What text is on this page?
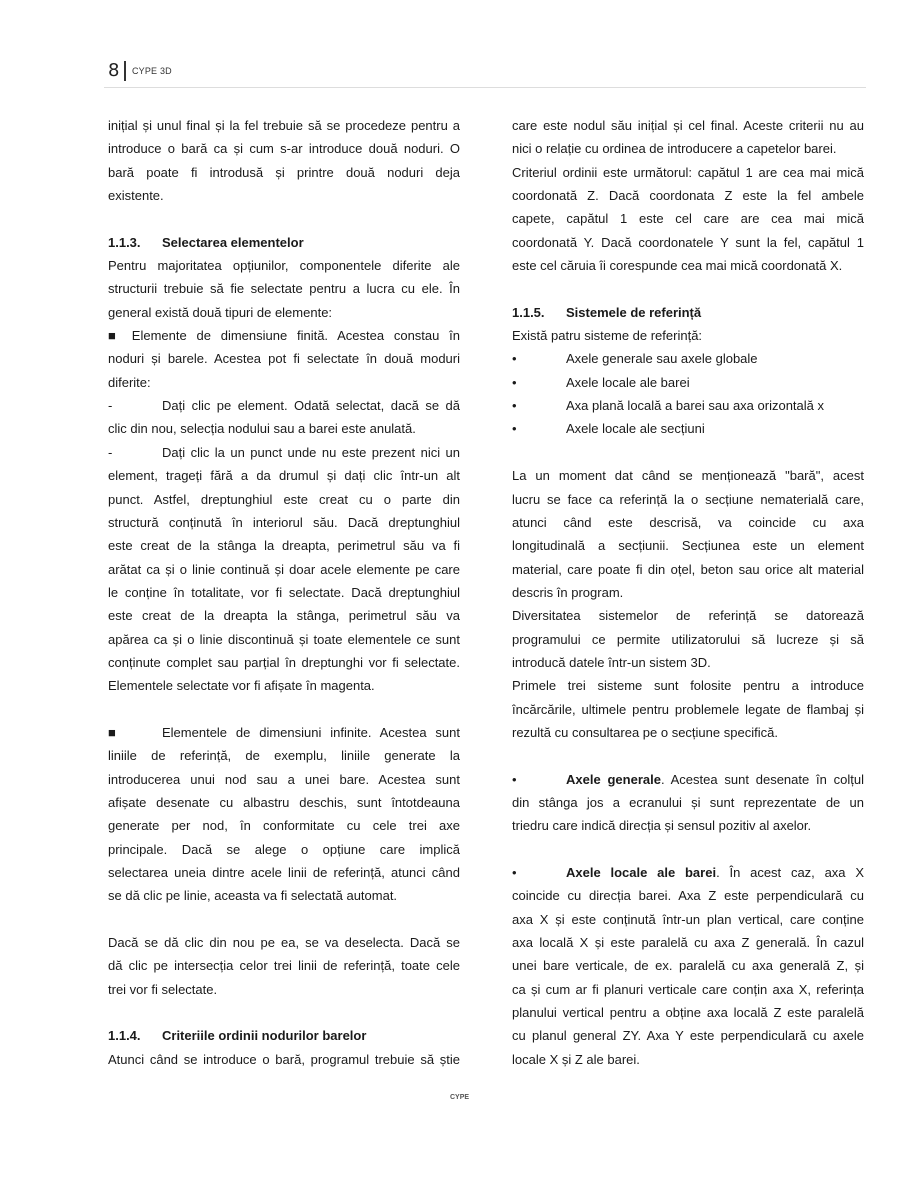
8 CYPE 3D
inițial și unul final și la fel trebuie să se procedeze pentru a
introduce o bară ca și cum s-ar introduce două noduri. O
bară poate fi introdusă și printre două noduri deja
existente.
1.1.3. Selectarea elementelor
Pentru majoritatea opțiunilor, componentele diferite ale
structurii trebuie să fie selectate pentru a lucra cu ele. În
general există două tipuri de elemente:
■ Elemente de dimensiune finită. Acestea constau în
noduri și barele. Acestea pot fi selectate în două moduri
diferite:
-	Dați clic pe element. Odată selectat, dacă se dă
clic din nou, selecția nodului sau a barei este anulată.
-	Dați clic la un punct unde nu este prezent nici un
element, trageți fără a da drumul și dați clic într-un alt
punct. Astfel, dreptunghiul este creat cu o parte din
structură conținută în interiorul său. Dacă dreptunghiul
este creat de la stânga la dreapta, perimetrul său va fi
arătat ca și o linie continuă și doar acele elemente pe care
le conține în totalitate, vor fi selectate. Dacă dreptunghiul
este creat de la dreapta la stânga, perimetrul său va
apărea ca și o linie discontinuă și toate elementele ce sunt
conținute complet sau parțial în dreptunghi vor fi selectate.
Elementele selectate vor fi afișate în magenta.
■	Elementele de dimensiuni infinite. Acestea sunt
liniile de referință, de exemplu, liniile generate la
introducerea unui nod sau a unei bare. Acestea sunt
afișate desenate cu albastru deschis, sunt întotdeauna
generate per nod, în conformitate cu cele trei axe
principale. Dacă se alege o opțiune care implică
selectarea uneia dintre acele linii de referință, atunci când
se dă clic pe linie, aceasta va fi selectată automat.
Dacă se dă clic din nou pe ea, se va deselecta. Dacă se
dă clic pe intersecția celor trei linii de referință, toate cele
trei vor fi selectate.
1.1.4. Criteriile ordinii nodurilor barelor
Atunci când se introduce o bară, programul trebuie să știe
care este nodul său inițial și cel final. Aceste criterii nu au
nici o relație cu ordinea de introducere a capetelor barei.
Criteriul ordinii este următorul: capătul 1 are cea mai mică
coordonată Z. Dacă coordonata Z este la fel ambele
capete, capătul 1 este cel care are cea mai mică
coordonată Y. Dacă coordonatele Y sunt la fel, capătul 1
este cel căruia îi corespunde cea mai mică coordonată X.
1.1.5. Sistemele de referință
Există patru sisteme de referință:
•	Axele generale sau axele globale
•	Axele locale ale barei
•	Axa plană locală a barei sau axa orizontală x
•	Axele locale ale secțiuni
La un moment dat când se menționează "bară", acest
lucru se face ca referință la o secțiune nematerială care,
atunci când este descrisă, va coincide cu axa
longitudinală a secțiunii. Secțiunea este un element
material, care poate fi din oțel, beton sau orice alt material
descris în program.
Diversitatea sistemelor de referință se datorează
programului ce permite utilizatorului să lucreze și să
introducă datele într-un sistem 3D.
Primele trei sisteme sunt folosite pentru a introduce
încărcările, ultimele pentru problemele legate de flambaj și
rezultă cu consultarea pe o secțiune specifică.
•	Axele generale. Acestea sunt desenate în colțul
din stânga jos a ecranului și sunt reprezentate de un
triedru care indică direcția și sensul pozitiv al axelor.
•	Axele locale ale barei. În acest caz, axa X
coincide cu direcția barei. Axa Z este perpendiculară cu
axa X și este conținută într-un plan vertical, care conține
axa locală X și este paralelă cu axa Z generală. În cazul
unei bare verticale, de ex. paralelă cu axa generală Z, și
ca și cum ar fi planuri verticale care conțin axa X, referința
planului vertical pentru a obține axa locală Z este paralelă
cu planul general ZY. Axa Y este perpendiculară cu axele
locale X și Z ale barei.
CYPE
